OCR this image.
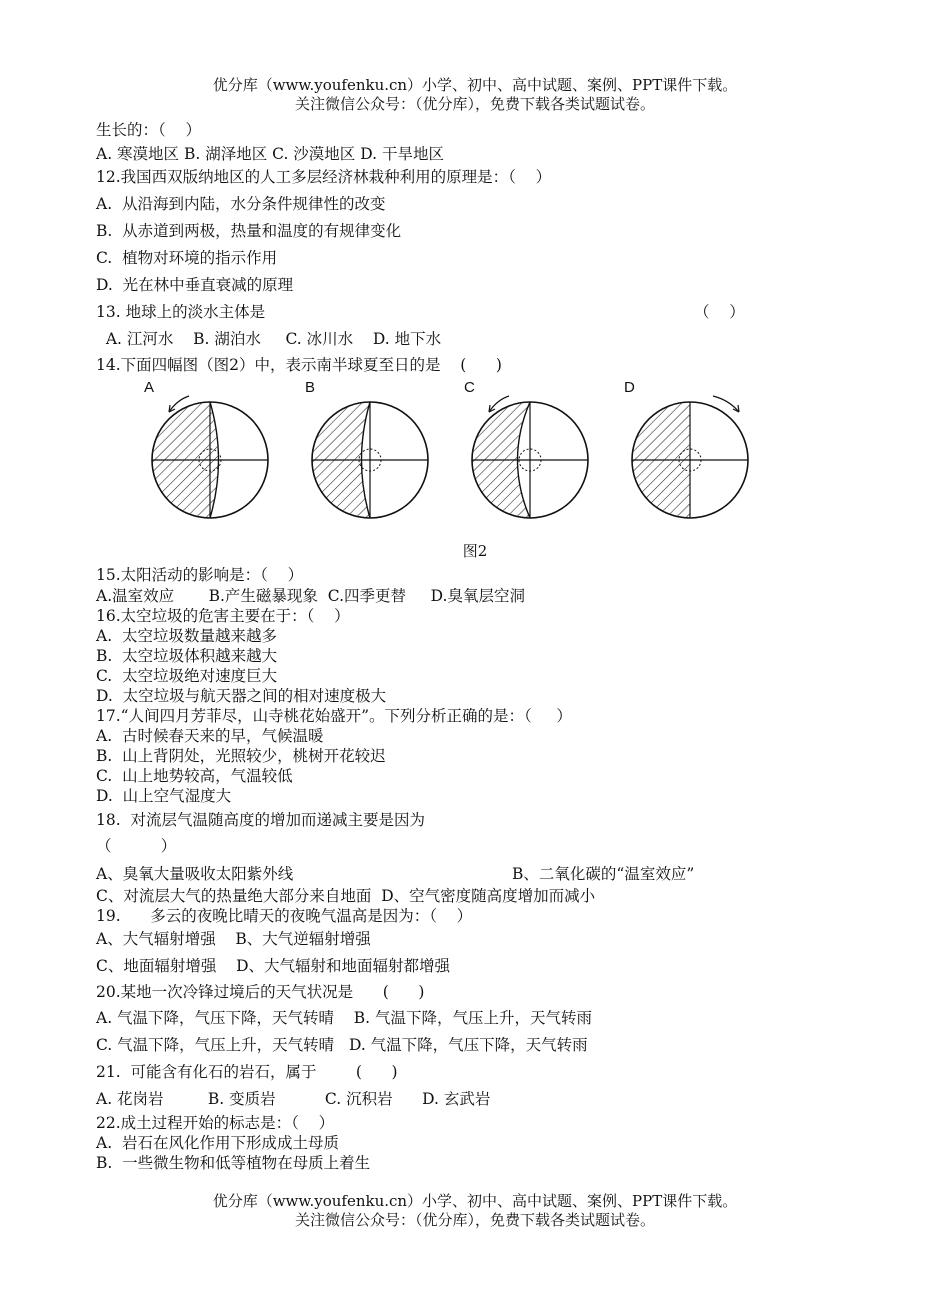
优分库（www.youfenku.cn）小学、初中、高中试题、案例、PPT课件下载。
关注微信公众号：（优分库），免费下载各类试题试卷。
生长的：（    ）
A. 寒漠地区 B. 湖泽地区 C. 沙漠地区 D. 干旱地区
12.我国西双版纳地区的人工多层经济林栽种利用的原理是：（    ）
A.  从沿海到内陆，水分条件规律性的改变
B.  从赤道到两极，热量和温度的有规律变化
C.  植物对环境的指示作用
D.  光在林中垂直衰减的原理
13. 地球上的淡水主体是	（    ）
A. 江河水    B. 湖泊水     C. 冰川水    D. 地下水
14.下面四幅图（图2）中，表示南半球夏至日的是    (      )
A	B	C	D
图2
15.太阳活动的影响是：（    ）
A.温室效应       B.产生磁暴现象  C.四季更替     D.臭氧层空洞
16.太空垃圾的危害主要在于：（    ）
A.  太空垃圾数量越来越多
B.  太空垃圾体积越来越大
C.  太空垃圾绝对速度巨大
D.  太空垃圾与航天器之间的相对速度极大
17.“人间四月芳菲尽，山寺桃花始盛开”。下列分析正确的是：（     ）
A.  古时候春天来的早，气候温暖
B.  山上背阴处，光照较少，桃树开花较迟
C.  山上地势较高，气温较低
D.  山上空气湿度大
18.  对流层气温随高度的增加而递减主要是因为
（          ）
A、臭氧大量吸收太阳紫外线	B、二氧化碳的“温室效应”
C、对流层大气的热量绝大部分来自地面  D、空气密度随高度增加而减小
19.      多云的夜晚比晴天的夜晚气温高是因为：（    ）
A、大气辐射增强    B、大气逆辐射增强
C、地面辐射增强    D、大气辐射和地面辐射都增强
20.某地一次冷锋过境后的天气状况是      (      )
A. 气温下降，气压下降，天气转晴    B. 气温下降，气压上升，天气转雨
C. 气温下降，气压上升，天气转晴   D. 气温下降，气压下降，天气转雨
21.  可能含有化石的岩石，属于        (      )
A. 花岗岩         B. 变质岩          C. 沉积岩      D. 玄武岩
22.成土过程开始的标志是：（    ）
A.  岩石在风化作用下形成成土母质
B.  一些微生物和低等植物在母质上着生
优分库（www.youfenku.cn）小学、初中、高中试题、案例、PPT课件下载。
关注微信公众号：（优分库），免费下载各类试题试卷。
